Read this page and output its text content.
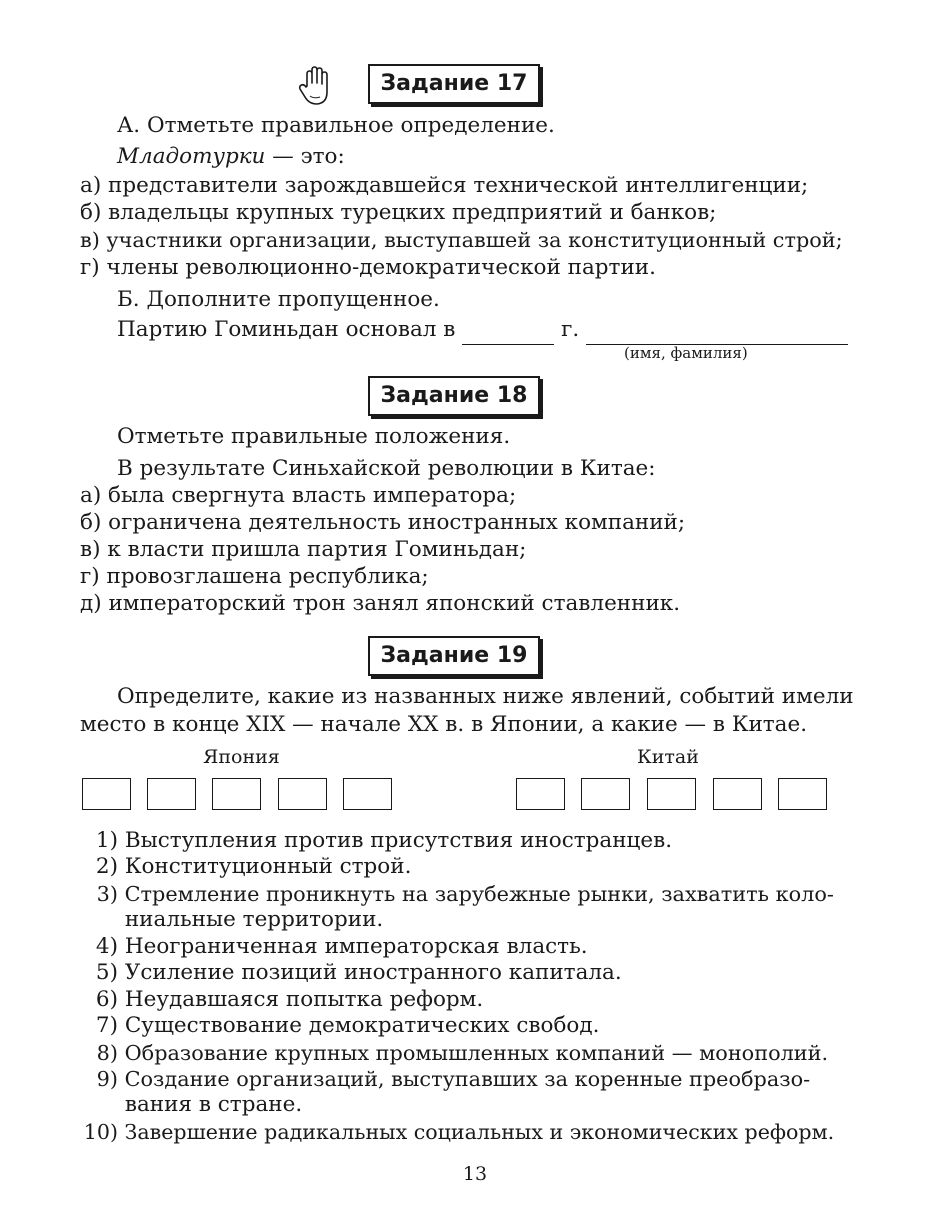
Задание 17
А. Отметьте правильное определение.
Младотурки — это:
а) представители зарождавшейся технической интеллигенции;
б) владельцы крупных турецких предприятий и банков;
в) участники организации, выступавшей за конституционный строй;
г) члены революционно-демократической партии.
Б. Дополните пропущенное.
Партию Гоминьдан основал в	г.
(имя, фамилия)
Задание 18
Отметьте правильные положения.
В результате Синьхайской революции в Китае:
а) была свергнута власть императора;
б) ограничена деятельность иностранных компаний;
в) к власти пришла партия Гоминьдан;
г) провозглашена республика;
д) императорский трон занял японский ставленник.
Задание 19
Определите, какие из названных ниже явлений, событий имели
место в конце XIX — начале XX в. в Японии, а какие — в Китае.
Япония	Китай
1) Выступления против присутствия иностранцев.
2) Конституционный строй.
3) Стремление проникнуть на зарубежные рынки, захватить коло-
ниальные территории.
4) Неограниченная императорская власть.
5) Усиление позиций иностранного капитала.
6) Неудавшаяся попытка реформ.
7) Существование демократических свобод.
8) Образование крупных промышленных компаний — монополий.
9) Создание организаций, выступавших за коренные преобразо-
вания в стране.
10) Завершение радикальных социальных и экономических реформ.
13
